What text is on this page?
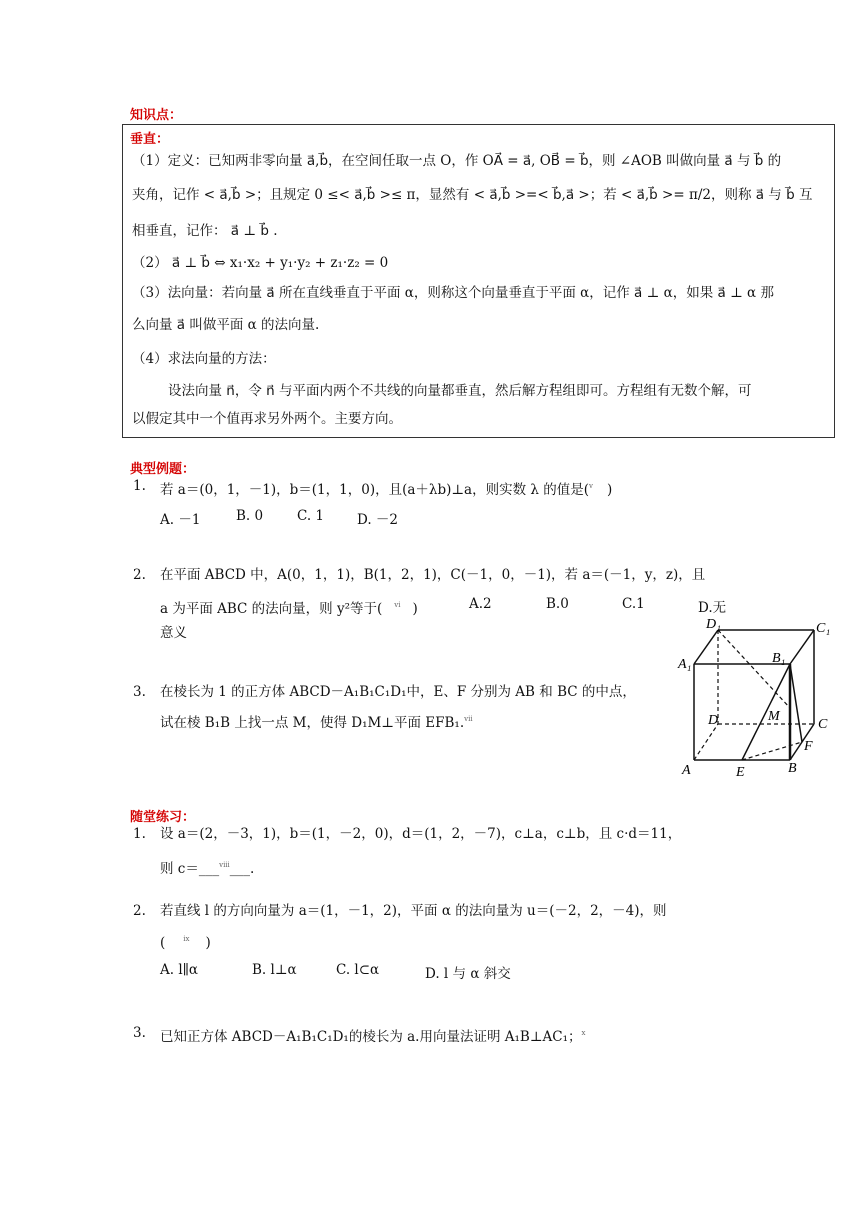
知识点：
垂直：
（1）定义：已知两非零向量 a⃗,b⃗，在空间任取一点 O，作 OA⃗ = a⃗, OB⃗ = b⃗，则 ∠AOB 叫做向量 a⃗ 与 b⃗ 的
夹角，记作 < a⃗,b⃗ >；且规定 0 ≤< a⃗,b⃗ >≤ π，显然有 < a⃗,b⃗ >=< b⃗,a⃗ >；若 < a⃗,b⃗ >= π/2，则称 a⃗ 与 b⃗ 互
相垂直，记作： a⃗ ⊥ b⃗ .
（2） a⃗ ⊥ b⃗ ⇔ x₁·x₂ + y₁·y₂ + z₁·z₂ = 0
（3）法向量：若向量 a⃗ 所在直线垂直于平面 α，则称这个向量垂直于平面 α，记作 a⃗ ⊥ α，如果 a⃗ ⊥ α 那
么向量 a⃗ 叫做平面 α 的法向量.
（4）求法向量的方法：
设法向量 n⃗，令 n⃗ 与平面内两个不共线的向量都垂直，然后解方程组即可。方程组有无数个解，可
以假定其中一个值再求另外两个。主要方向。
典型例题：
1. 若 a＝(0，1，－1)，b＝(1，1，0)，且(a＋λb)⊥a，则实数 λ 的值是($^v$ )
A. －1	B. 0	C. 1 D. －2
2. 在平面 ABCD 中，A(0，1，1)，B(1，2，1)，C(－1，0，－1)，若 a＝(－1，y，z)，且
a 为平面 ABC 的法向量，则 y²等于( $^{vi}$ )	A.2	B.0	C.1	D.无
意义
3. 在棱长为 1 的正方体 ABCD－A₁B₁C₁D₁中，E、F 分别为 AB 和 BC 的中点，
试在棱 B₁B 上找一点 M，使得 D₁M⊥平面 EFB₁.$^{vii}$
D₁	C₁
A₁	B₁
D	M
C
F
A	E	B
随堂练习：
1. 设 a＝(2，－3，1)，b＝(1，－2，0)，d＝(1，2，－7)，c⊥a，c⊥b，且 c·d＝11，
则 c＝___$^{viii}$___.
2. 若直线 l 的方向向量为 a＝(1，－1，2)，平面 α 的法向量为 u＝(－2，2，－4)，则
(	$^{ix}$ )
A. l∥α	B. l⊥α	C. l⊂α	D. l 与 α 斜交
3. 已知正方体 ABCD－A₁B₁C₁D₁的棱长为 a.用向量法证明 A₁B⊥AC₁；$^x$
